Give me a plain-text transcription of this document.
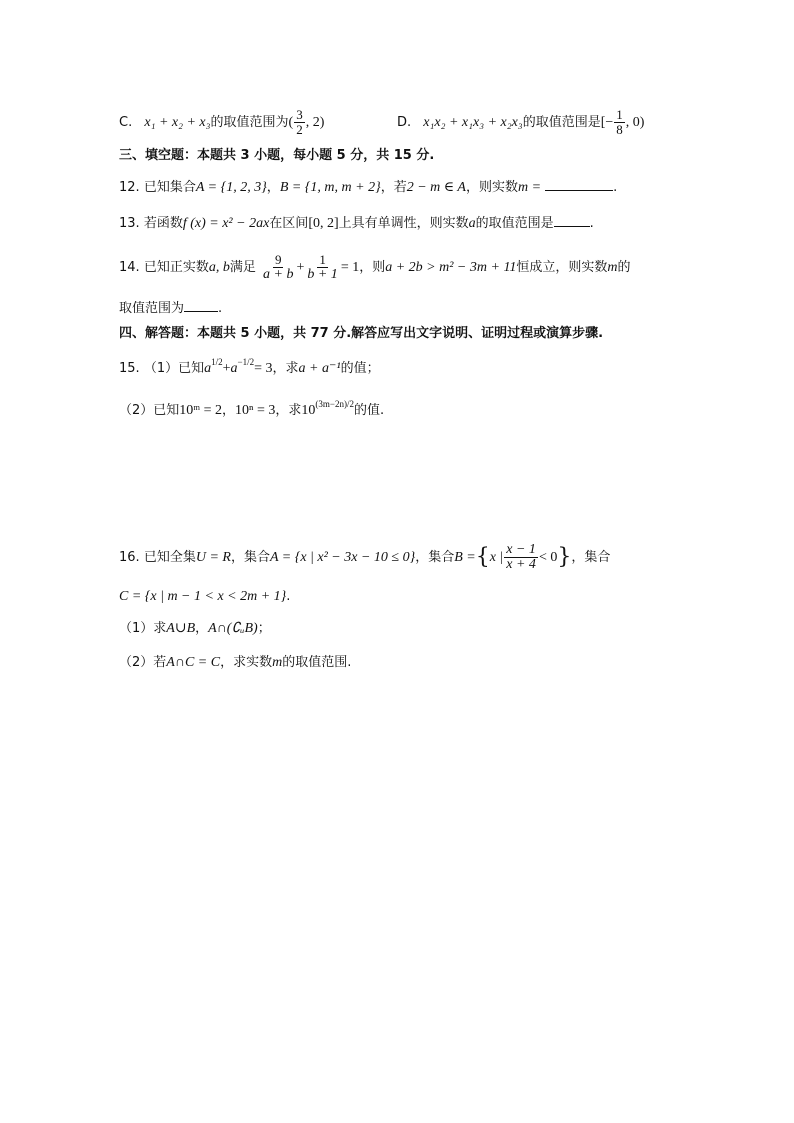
C. x₁ + x₂ + x₃的取值范围为( $\frac{3}{2}$ , 2)	D. x₁x₂ + x₁x₃ + x₂x₃的取值范围是[− $\frac{1}{8}$ , 0)
三、填空题：本题共 3 小题，每小题 5 分，共 15 分.
12. 已知集合A = {1, 2, 3}，B = {1, m, m + 2}，若2 − m ∈ A，则实数m =	.
13. 若函数f (x) = x² − 2ax在区间[0, 2]上具有单调性，则实数a的取值范围是	.
14. 已知正实数a, b满足 $\frac{9}{a + b} + \frac{1}{b + 1} = 1$，则a + 2b > m² − 3m + 11恒成立，则实数m的
取值范围为	.
四、解答题：本题共 5 小题，共 77 分.解答应写出文字说明、证明过程或演算步骤.
15. （1）已知$a^{1/2}+a^{-1/2}= 3$，求a + a⁻¹的值；
（2）已知10ᵐ = 2，10ⁿ = 3，求$10^{(3m-2n)/2}$的值.
16. 已知全集U = R，集合A = {x | x² − 3x − 10 ≤ 0}，集合B ={x | $\frac{x - 1}{x + 4} < 0$}，集合
C = {x | m − 1 < x < 2m + 1}.
（1）求A∪B，A∩(∁ᵤB)；
（2）若A∩C = C，求实数m的取值范围.
